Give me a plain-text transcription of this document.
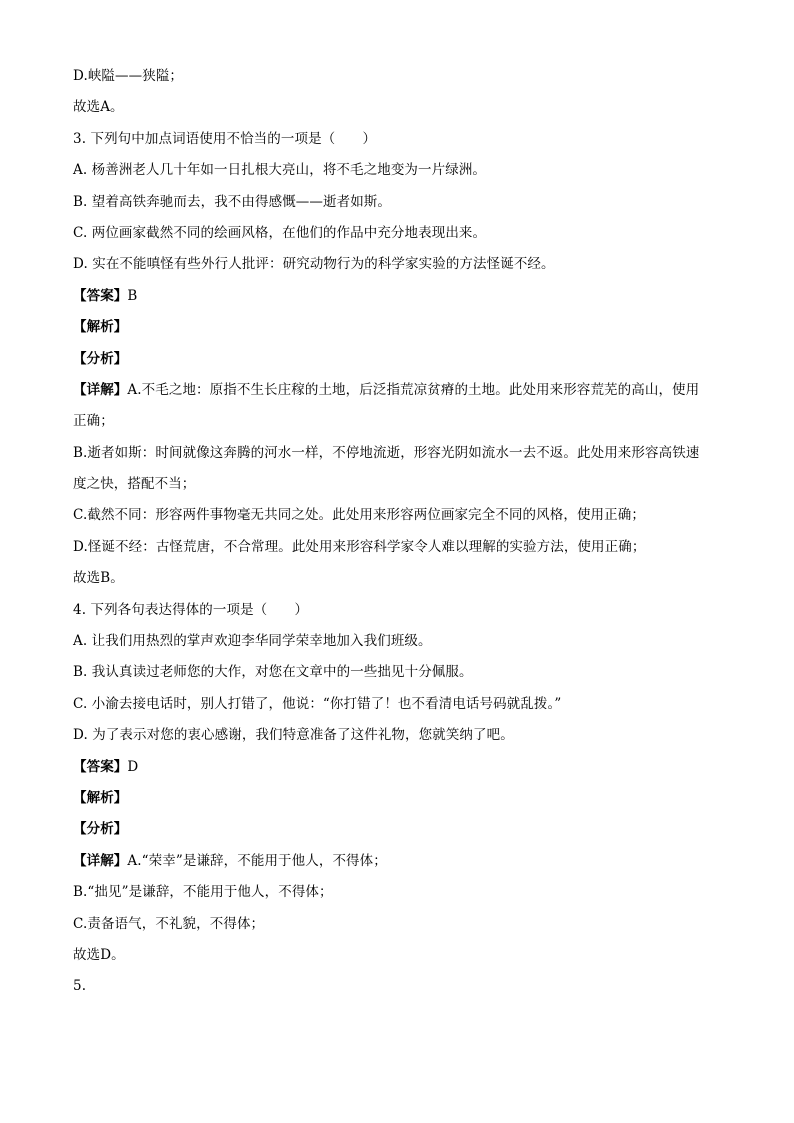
D.峡隘——狭隘；
故选A。
3. 下列句中加点词语使用不恰当的一项是（　　）
A. 杨善洲老人几十年如一日扎根大亮山，将不毛之地变为一片绿洲。
B. 望着高铁奔驰而去，我不由得感慨——逝者如斯。
C. 两位画家截然不同的绘画风格，在他们的作品中充分地表现出来。
D. 实在不能嗔怪有些外行人批评：研究动物行为的科学家实验的方法怪诞不经。
【答案】B
【解析】
【分析】
【详解】A.不毛之地：原指不生长庄稼的土地，后泛指荒凉贫瘠的土地。此处用来形容荒芜的高山，使用
正确；
B.逝者如斯：时间就像这奔腾的河水一样，不停地流逝，形容光阴如流水一去不返。此处用来形容高铁速
度之快，搭配不当；
C.截然不同：形容两件事物毫无共同之处。此处用来形容两位画家完全不同的风格，使用正确；
D.怪诞不经：古怪荒唐，不合常理。此处用来形容科学家令人难以理解的实验方法，使用正确；
故选B。
4. 下列各句表达得体的一项是（　　）
A. 让我们用热烈的掌声欢迎李华同学荣幸地加入我们班级。
B. 我认真读过老师您的大作，对您在文章中的一些拙见十分佩服。
C. 小渝去接电话时，别人打错了，他说：“你打错了！也不看清电话号码就乱拨。”
D. 为了表示对您的衷心感谢，我们特意准备了这件礼物，您就笑纳了吧。
【答案】D
【解析】
【分析】
【详解】A.“荣幸”是谦辞，不能用于他人，不得体；
B.“拙见”是谦辞，不能用于他人，不得体；
C.责备语气，不礼貌，不得体；
故选D。
5.
